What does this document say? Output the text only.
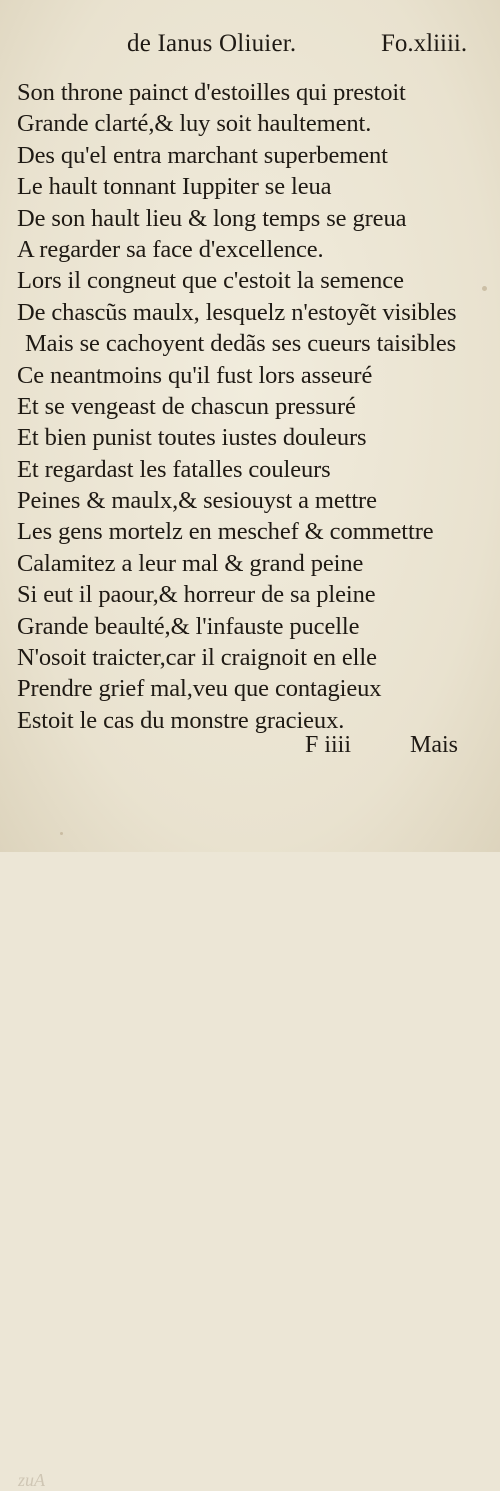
de Ianus Oliuier.	Fo.xliiii.
Son throne painct d'estoilles qui prestoit
Grande clarté,& luy soit haultement.
Des qu'el entra marchant superbement
Le hault tonnant Iuppiter se leua
De son hault lieu & long temps se greua
A regarder sa face d'excellence.
Lors il congneut que c'estoit la semence
De chascũs maulx, lesquelz n'estoyẽt visibles
Mais se cachoyent dedãs ses cueurs taisibles
Ce neantmoins qu'il fust lors asseuré
Et se vengeast de chascun pressuré
Et bien punist toutes iustes douleurs
Et regardast les fatalles couleurs
Peines & maulx,& sesiouyst a mettre
Les gens mortelz en meschef & commettre
Calamitez a leur mal & grand peine
Si eut il paour,& horreur de sa pleine
Grande beaulté,& l'infauste pucelle
N'osoit traicter,car il craignoit en elle
Prendre grief mal,veu que contagieux
Estoit le cas du monstre gracieux.
zuA
F iiii Mais
